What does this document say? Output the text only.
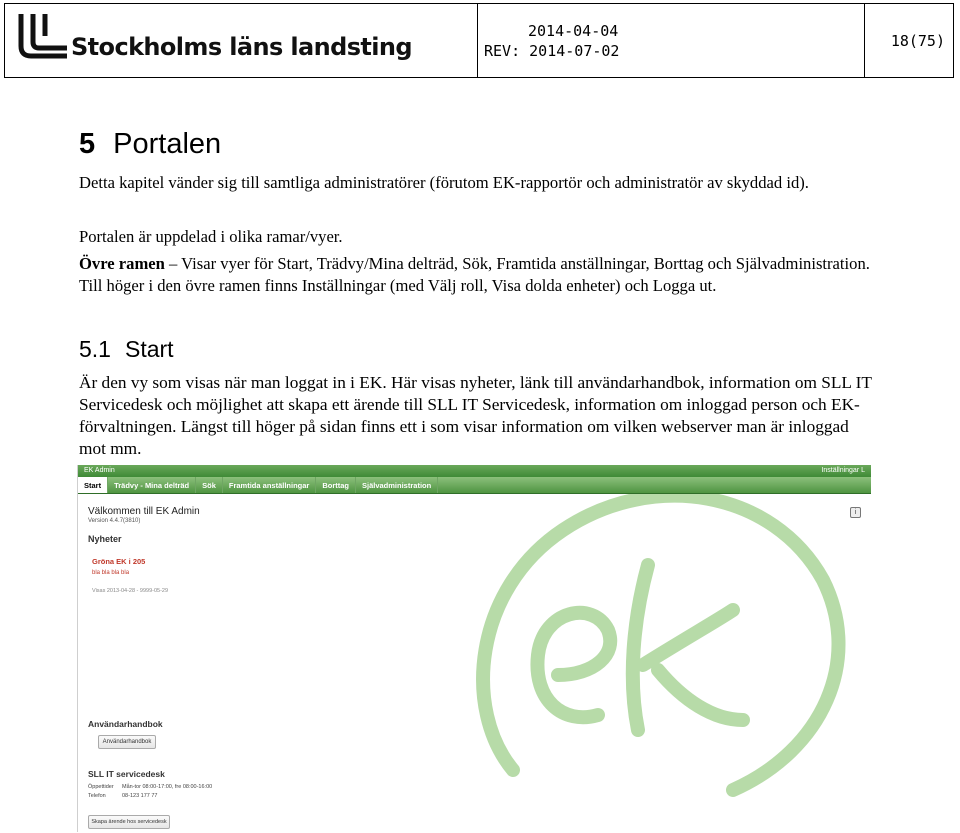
Stockholms läns landsting
2014-04-04
REV: 2014-07-02
18(75)
5 Portalen
Detta kapitel vänder sig till samtliga administratörer (förutom EK-rapportör och administratör av skyddad id).
Portalen är uppdelad i olika ramar/vyer.
Övre ramen – Visar vyer för Start, Trädvy/Mina delträd, Sök, Framtida anställningar, Borttag och Självadministration. Till höger i den övre ramen finns Inställningar (med Välj roll, Visa dolda enheter) och Logga ut.
5.1 Start
Är den vy som visas när man loggat in i EK. Här visas nyheter, länk till användarhandbok, information om SLL IT Servicedesk och möjlighet att skapa ett ärende till SLL IT Servicedesk, information om inloggad person och EK-förvaltningen. Längst till höger på sidan finns ett i som visar information om vilken webserver man är inloggad mot mm.
EK Admin	Inställningar L
Start	Trädvy - Mina delträd	Sök	Framtida anställningar	Borttag	Självadministration
i
Välkommen till EK Admin
Version 4.4.7(3810)
Nyheter
Gröna EK i 205
bla bla bla bla
Visas 2013-04-28 - 9999-05-29
Användarhandbok
Användarhandbok
SLL IT servicedesk
Öppettider Mån-tor 08:00-17:00, fre 08:00-16:00
Telefon	08-123 177 77
Skapa ärende hos servicedesk
